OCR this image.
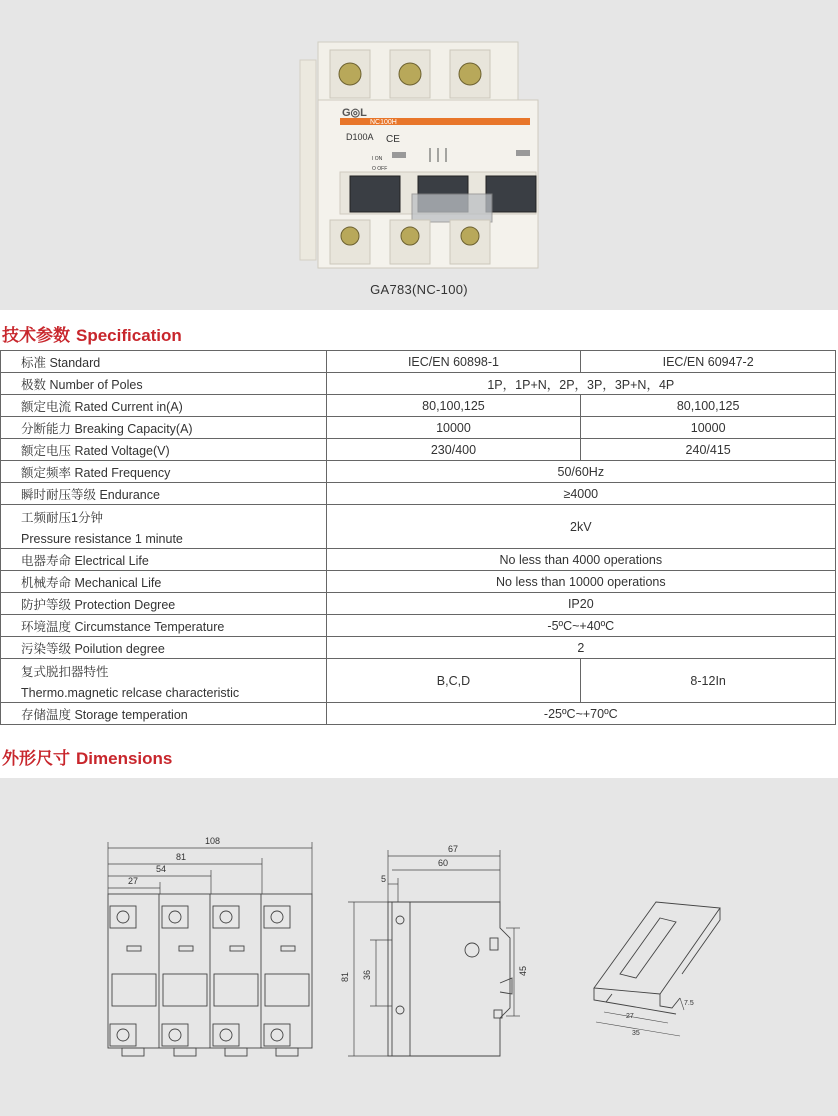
G◎L
NC100H
D100A CE
I ON
O OFF
GA783(NC-100)
技术参数 Specification
标准 Standard	IEC/EN 60898-1	IEC/EN 60947-2
极数 Number of Poles	1P，1P+N，2P，3P，3P+N，4P	
额定电流 Rated Current in(A)	80,100,125	80,100,125
分断能力 Breaking Capacity(A)	10000	10000
额定电压 Rated Voltage(V)	230/400	240/415
额定频率 Rated Frequency	50/60Hz	
瞬时耐压等级 Endurance	≥4000	

工频耐压1分钟
Pressure resistance 1 minute	2kV	
电器寿命 Electrical Life	No less than 4000 operations	
机械寿命 Mechanical Life	No less than 10000 operations	
防护等级 Protection Degree	IP20	
环境温度 Circumstance Temperature	-5ºC~+40ºC	
污染等级 Poilution degree	2	

复式脱扣器特性
Thermo.magnetic relcase characteristic	B,C,D	8-12In
存储温度 Storage temperation	-25ºC~+70ºC	
外形尺寸 Dimensions
108
81
54
27
67
60
5
81 36	45
7.5
27
35
